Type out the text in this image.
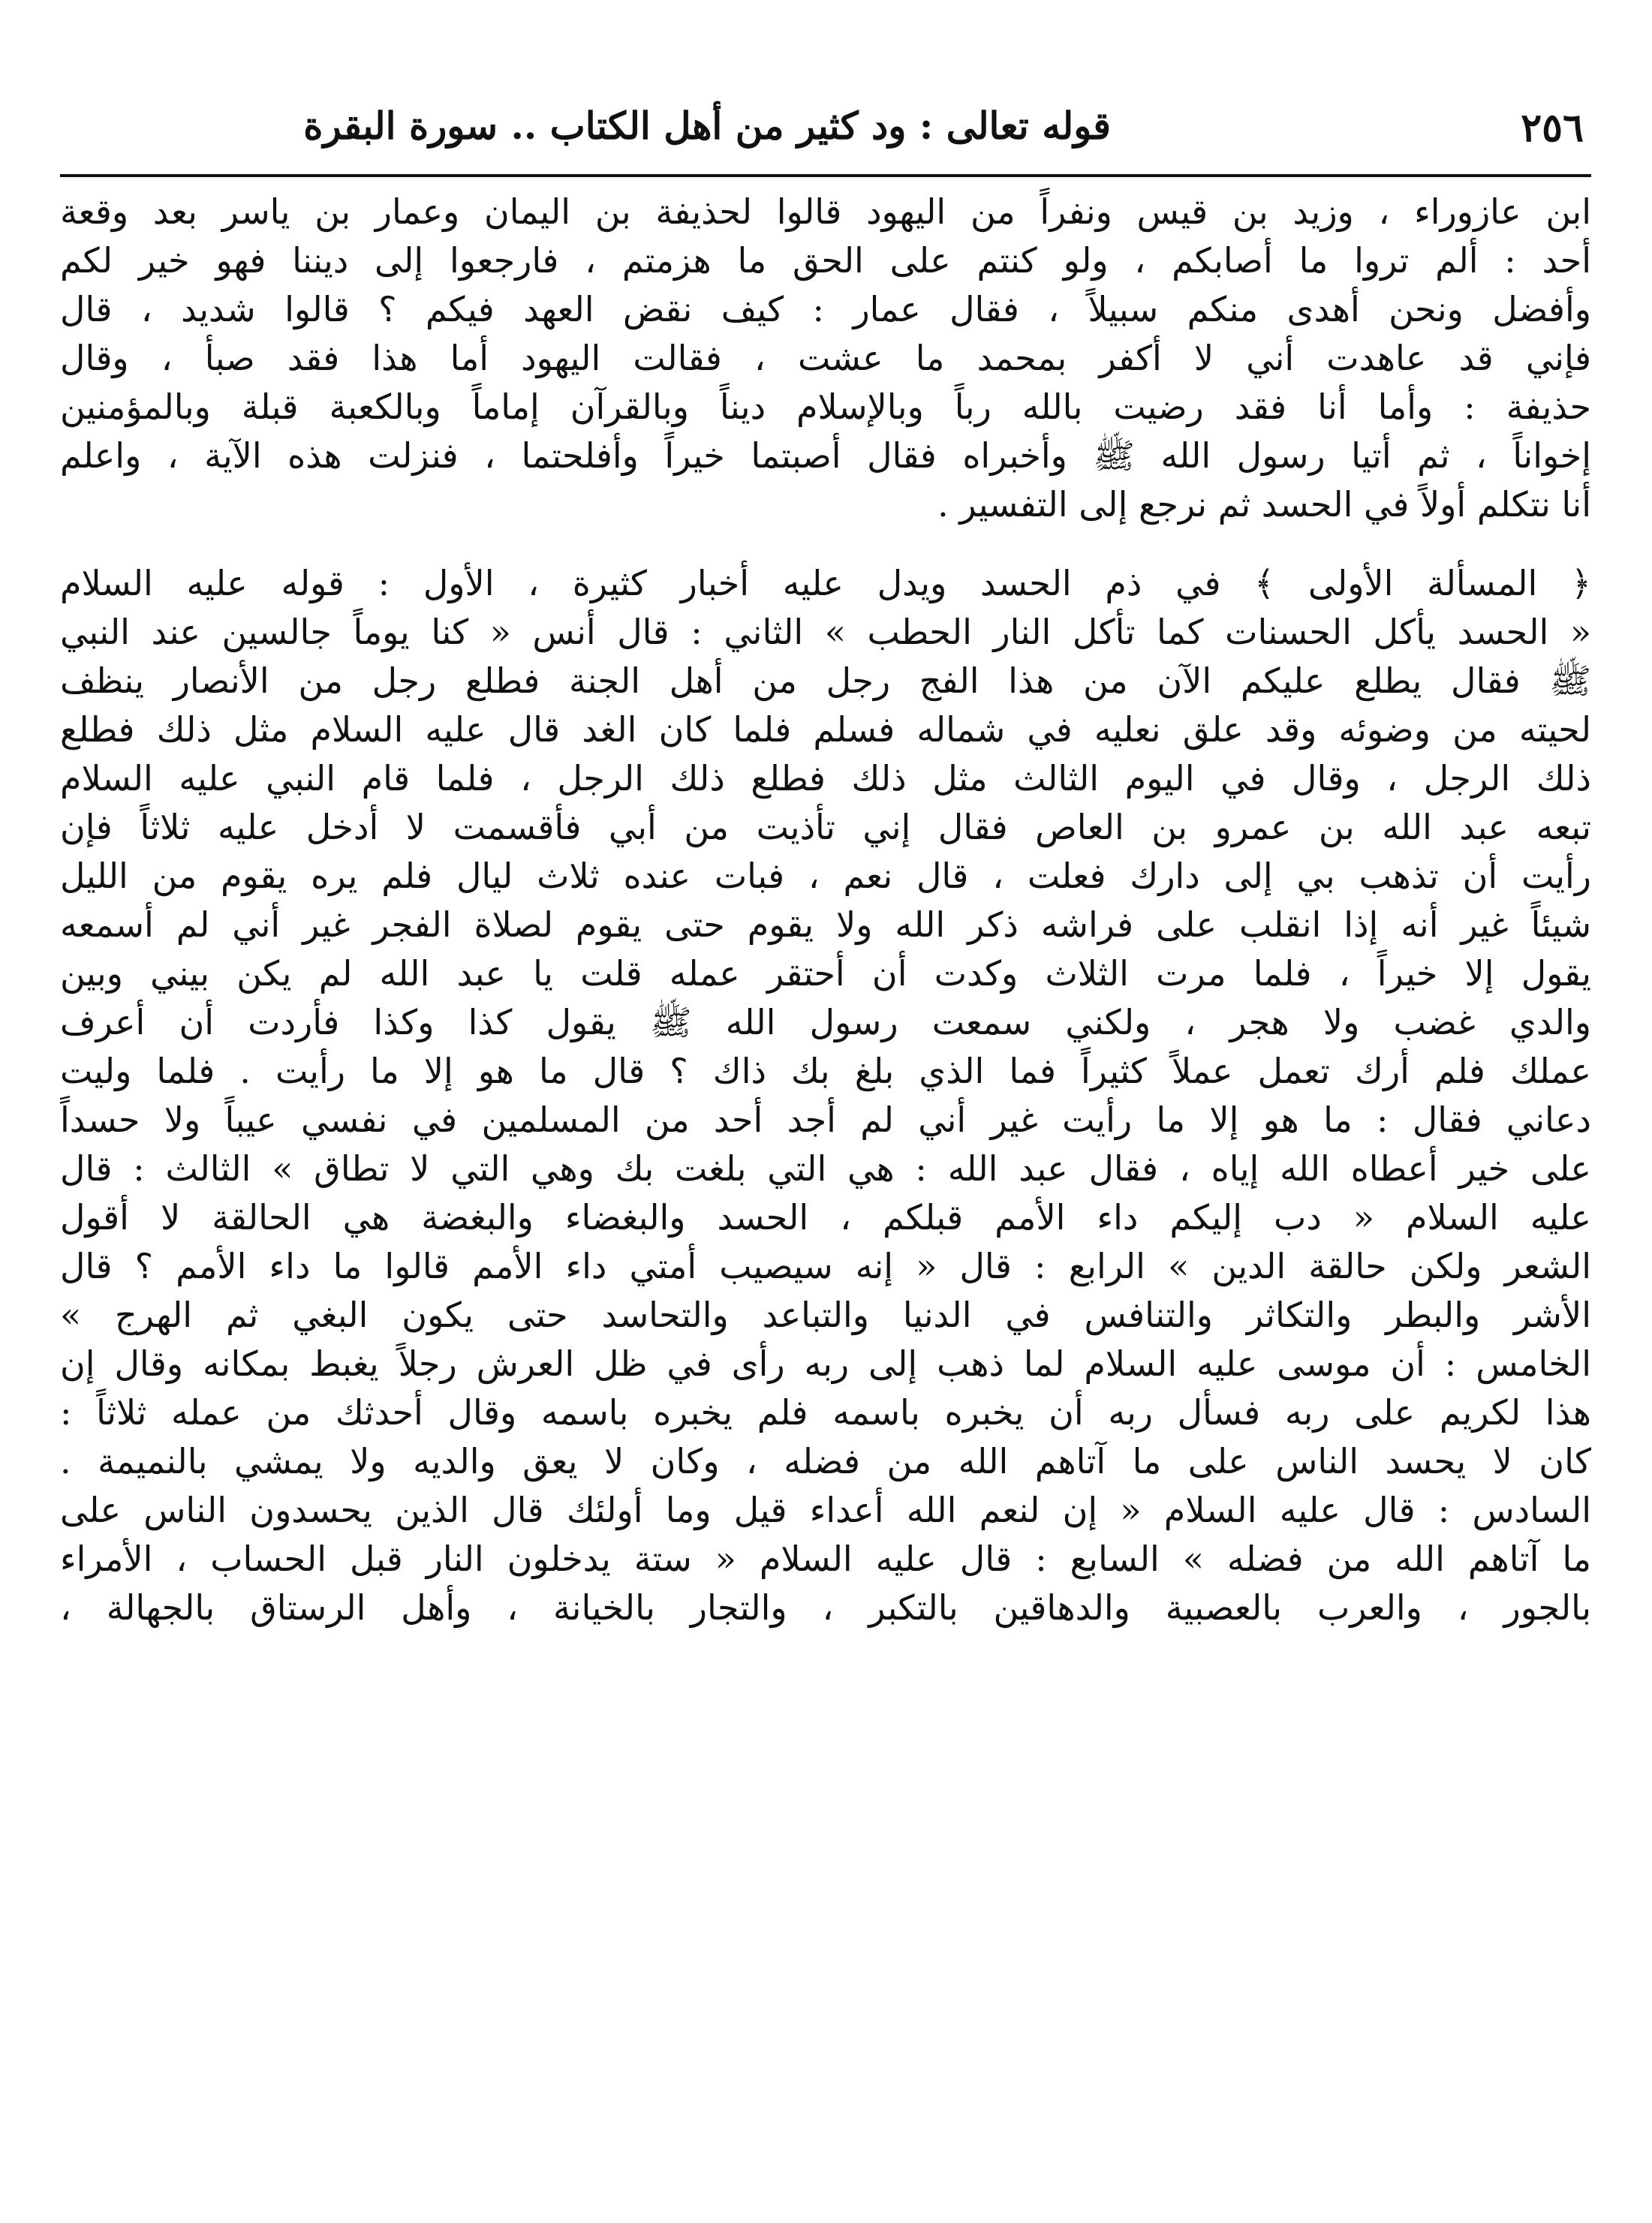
٢٥٦
قوله تعالى : ود كثير من أهل الكتاب .. سورة البقرة
ابن عازوراء ، وزيد بن قيس ونفراً من اليهود قالوا لحذيفة بن اليمان وعمار بن ياسر بعد وقعة
أحد : ألم تروا ما أصابكم ، ولو كنتم على الحق ما هزمتم ، فارجعوا إلى ديننا فهو خير لكم
وأفضل ونحن أهدى منكم سبيلاً ، فقال عمار : كيف نقض العهد فيكم ؟ قالوا شديد ، قال
فإني قد عاهدت أني لا أكفر بمحمد ما عشت ، فقالت اليهود أما هذا فقد صبأ ، وقال
حذيفة : وأما أنا فقد رضيت بالله رباً وبالإسلام ديناً وبالقرآن إماماً وبالكعبة قبلة وبالمؤمنين
إخواناً ، ثم أتيا رسول الله ﷺ وأخبراه فقال أصبتما خيراً وأفلحتما ، فنزلت هذه الآية ، واعلم
أنا نتكلم أولاً في الحسد ثم نرجع إلى التفسير .
﴿ المسألة الأولى ﴾ في ذم الحسد ويدل عليه أخبار كثيرة ، الأول : قوله عليه السلام
« الحسد يأكل الحسنات كما تأكل النار الحطب » الثاني : قال أنس « كنا يوماً جالسين عند النبي
ﷺ فقال يطلع عليكم الآن من هذا الفج رجل من أهل الجنة فطلع رجل من الأنصار ينظف
لحيته من وضوئه وقد علق نعليه في شماله فسلم فلما كان الغد قال عليه السلام مثل ذلك فطلع
ذلك الرجل ، وقال في اليوم الثالث مثل ذلك فطلع ذلك الرجل ، فلما قام النبي عليه السلام
تبعه عبد الله بن عمرو بن العاص فقال إني تأذيت من أبي فأقسمت لا أدخل عليه ثلاثاً فإن
رأيت أن تذهب بي إلى دارك فعلت ، قال نعم ، فبات عنده ثلاث ليال فلم يره يقوم من الليل
شيئاً غير أنه إذا انقلب على فراشه ذكر الله ولا يقوم حتى يقوم لصلاة الفجر غير أني لم أسمعه
يقول إلا خيراً ، فلما مرت الثلاث وكدت أن أحتقر عمله قلت يا عبد الله لم يكن بيني وبين
والدي غضب ولا هجر ، ولكني سمعت رسول الله ﷺ يقول كذا وكذا فأردت أن أعرف
عملك فلم أرك تعمل عملاً كثيراً فما الذي بلغ بك ذاك ؟ قال ما هو إلا ما رأيت . فلما وليت
دعاني فقال : ما هو إلا ما رأيت غير أني لم أجد أحد من المسلمين في نفسي عيباً ولا حسداً
على خير أعطاه الله إياه ، فقال عبد الله : هي التي بلغت بك وهي التي لا تطاق » الثالث : قال
عليه السلام « دب إليكم داء الأمم قبلكم ، الحسد والبغضاء والبغضة هي الحالقة لا أقول
الشعر ولكن حالقة الدين » الرابع : قال « إنه سيصيب أمتي داء الأمم قالوا ما داء الأمم ؟ قال
الأشر والبطر والتكاثر والتنافس في الدنيا والتباعد والتحاسد حتى يكون البغي ثم الهرج »
الخامس : أن موسى عليه السلام لما ذهب إلى ربه رأى في ظل العرش رجلاً يغبط بمكانه وقال إن
هذا لكريم على ربه فسأل ربه أن يخبره باسمه فلم يخبره باسمه وقال أحدثك من عمله ثلاثاً :
كان لا يحسد الناس على ما آتاهم الله من فضله ، وكان لا يعق والديه ولا يمشي بالنميمة .
السادس : قال عليه السلام « إن لنعم الله أعداء قيل وما أولئك قال الذين يحسدون الناس على
ما آتاهم الله من فضله » السابع : قال عليه السلام « ستة يدخلون النار قبل الحساب ، الأمراء
بالجور ، والعرب بالعصبية والدهاقين بالتكبر ، والتجار بالخيانة ، وأهل الرستاق بالجهالة ،
